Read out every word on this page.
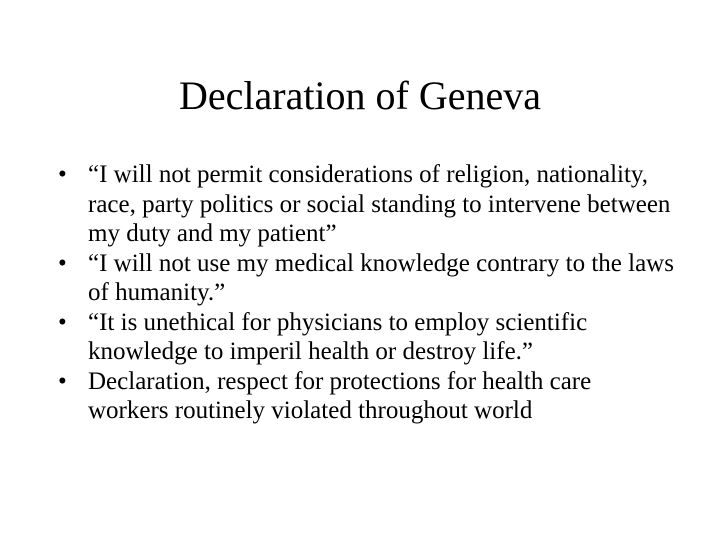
Declaration of Geneva
• “I will not permit considerations of religion, nationality, race, party politics or social standing to intervene between my duty and my patient”
• “I will not use my medical knowledge contrary to the laws of humanity.”
• “It is unethical for physicians to employ scientific knowledge to imperil health or destroy life.”
• Declaration, respect for protections for health care workers routinely violated throughout world
